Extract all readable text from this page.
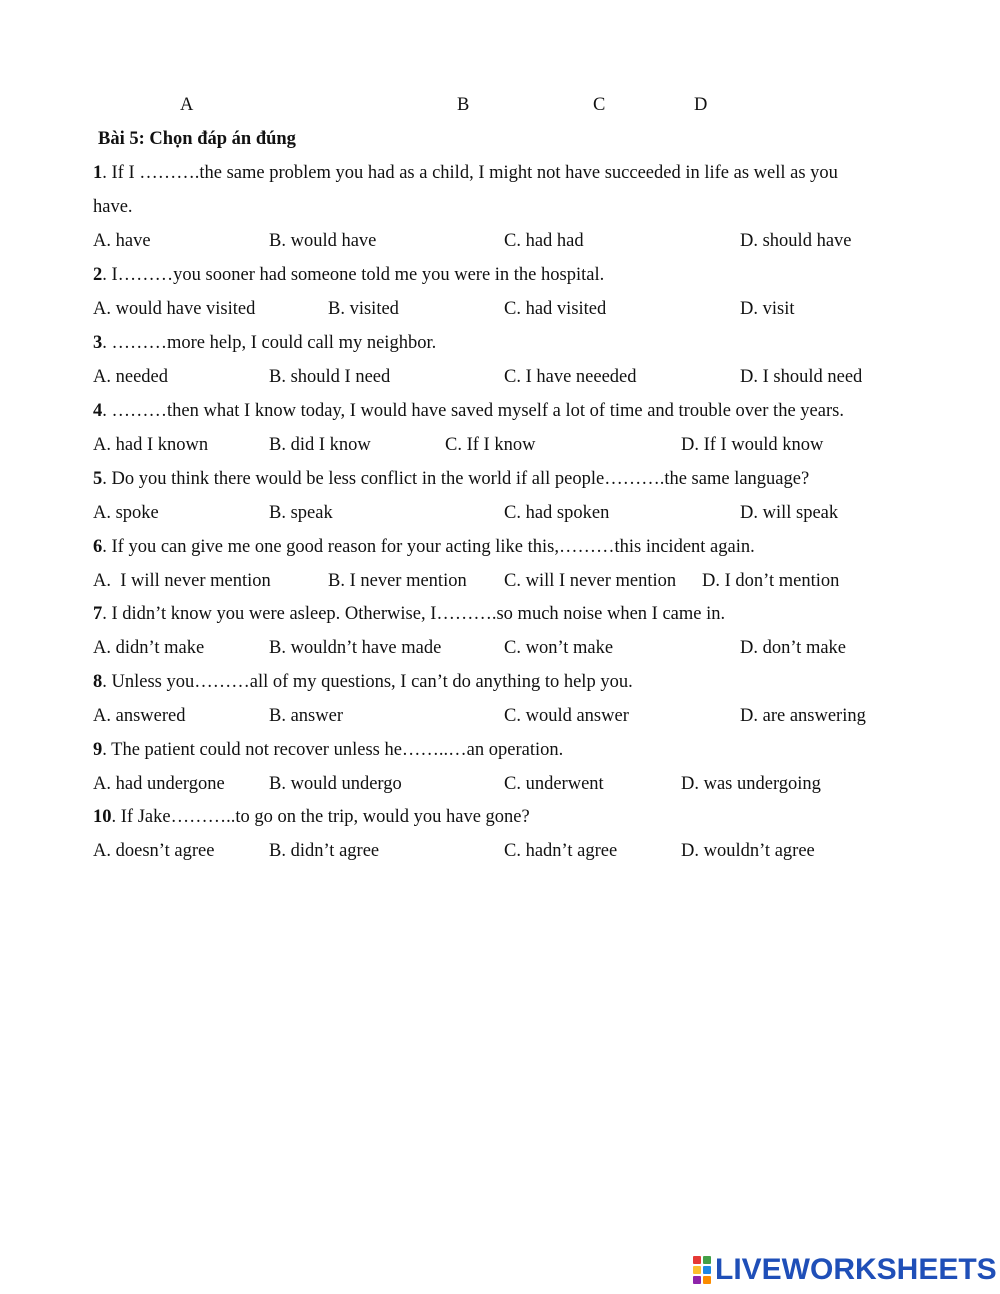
A	B	C	D
Bài 5: Chọn đáp án đúng
1. If I ……….the same problem you had as a child, I might not have succeeded in life as well as you
have.
A. have	B. would have	C. had had	D. should have
2. I………you sooner had someone told me you were in the hospital.
A. would have visited	B. visited	C. had visited	D. visit
3. ………more help, I could call my neighbor.
A. needed	B. should I need	C. I have neeeded	D. I should need
4. ………then what I know today, I would have saved myself a lot of time and trouble over the years.
A. had I known	B. did I know	C. If I know	D. If I would know
5. Do you think there would be less conflict in the world if all people……….the same language?
A. spoke	B. speak	C. had spoken	D. will speak
6. If you can give me one good reason for your acting like this,………this incident again.
A.  I will never mention	B. I never mention C. will I never mention D. I don’t mention
7. I didn’t know you were asleep. Otherwise, I……….so much noise when I came in.
A. didn’t make	B. wouldn’t have made	C. won’t make	D. don’t make
8. Unless you………all of my questions, I can’t do anything to help you.
A. answered	B. answer	C. would answer	D. are answering
9. The patient could not recover unless he……..…an operation.
A. had undergone B. would undergo	C. underwent	D. was undergoing
10. If Jake………..to go on the trip, would you have gone?
A. doesn’t agree	B. didn’t agree	C. hadn’t agree	D. wouldn’t agree
LIVEWORKSHEETS
